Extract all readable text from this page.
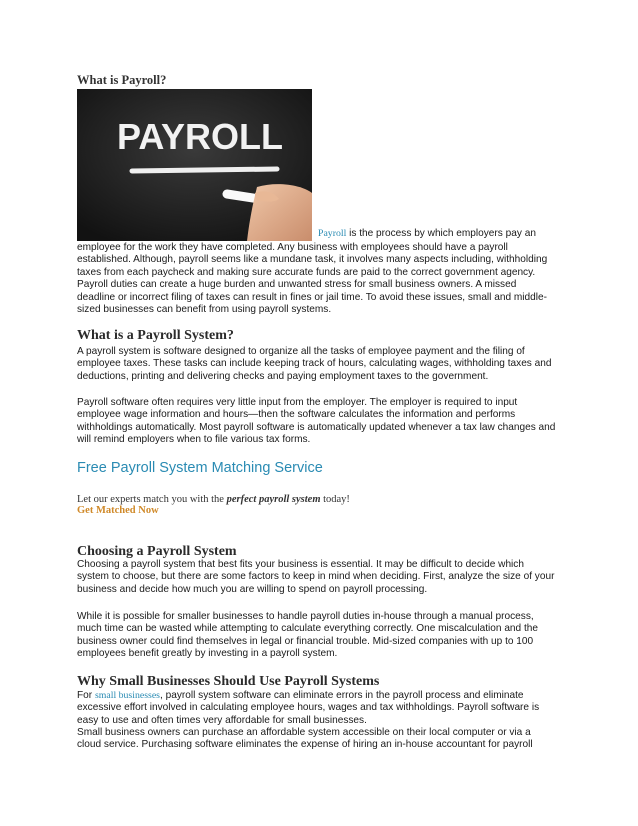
What is Payroll?
PAYROLL
Payroll is the process by which employers pay an

employee for the work they have completed. Any business with employees should have a payroll established. Although, payroll seems like a mundane task, it involves many aspects including, withholding taxes from each paycheck and making sure accurate funds are paid to the correct government agency. Payroll duties can create a huge burden and unwanted stress for small business owners. A missed deadline or incorrect filing of taxes can result in fines or jail time. To avoid these issues, small and middle-sized businesses can benefit from using payroll systems.

What is a Payroll System?

A payroll system is software designed to organize all the tasks of employee payment and the filing of employee taxes. These tasks can include keeping track of hours, calculating wages, withholding taxes and deductions, printing and delivering checks and paying employment taxes to the government.

Payroll software often requires very little input from the employer. The employer is required to input employee wage information and hours—then the software calculates the information and performs withholdings automatically. Most payroll software is automatically updated whenever a tax law changes and will remind employers when to file various tax forms.

Free Payroll System Matching Service
Let our experts match you with the perfect payroll system today!
Get Matched Now
Choosing a Payroll System

Choosing a payroll system that best fits your business is essential. It may be difficult to decide which system to choose, but there are some factors to keep in mind when deciding. First, analyze the size of your business and decide how much you are willing to spend on payroll processing.

While it is possible for smaller businesses to handle payroll duties in-house through a manual process, much time can be wasted while attempting to calculate everything correctly. One miscalculation and the business owner could find themselves in legal or financial trouble. Mid-sized companies with up to 100 employees benefit greatly by investing in a payroll system.

Why Small Businesses Should Use Payroll Systems

For small businesses, payroll system software can eliminate errors in the payroll process and eliminate excessive effort involved in calculating employee hours, wages and tax withholdings. Payroll software is easy to use and often times very affordable for small businesses.

Small business owners can purchase an affordable system accessible on their local computer or via a cloud service. Purchasing software eliminates the expense of hiring an in-house accountant for payroll
